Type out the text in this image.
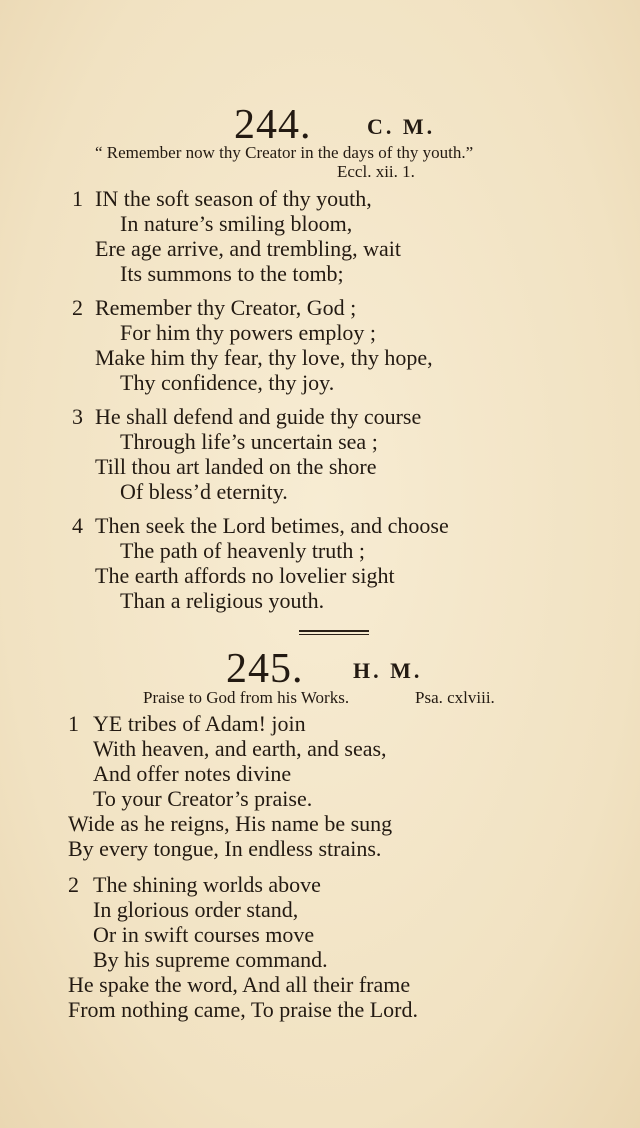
244.	C. M.
“ Remember now thy Creator in the days of thy youth.”
Eccl. xii. 1.
1 IN the soft season of thy youth,
In nature’s smiling bloom,
Ere age arrive, and trembling, wait
Its summons to the tomb;
2 Remember thy Creator, God ;
For him thy powers employ ;
Make him thy fear, thy love, thy hope,
Thy confidence, thy joy.
3 He shall defend and guide thy course
Through life’s uncertain sea ;
Till thou art landed on the shore
Of bless’d eternity.
4 Then seek the Lord betimes, and choose
The path of heavenly truth ;
The earth affords no lovelier sight
Than a religious youth.
245. H. M.
Praise to God from his Works.	Psa. cxlviii.
1 YE tribes of Adam! join
With heaven, and earth, and seas,
And offer notes divine
To your Creator’s praise.
Wide as he reigns, His name be sung
By every tongue, In endless strains.
2 The shining worlds above
In glorious order stand,
Or in swift courses move
By his supreme command.
He spake the word, And all their frame
From nothing came, To praise the Lord.
